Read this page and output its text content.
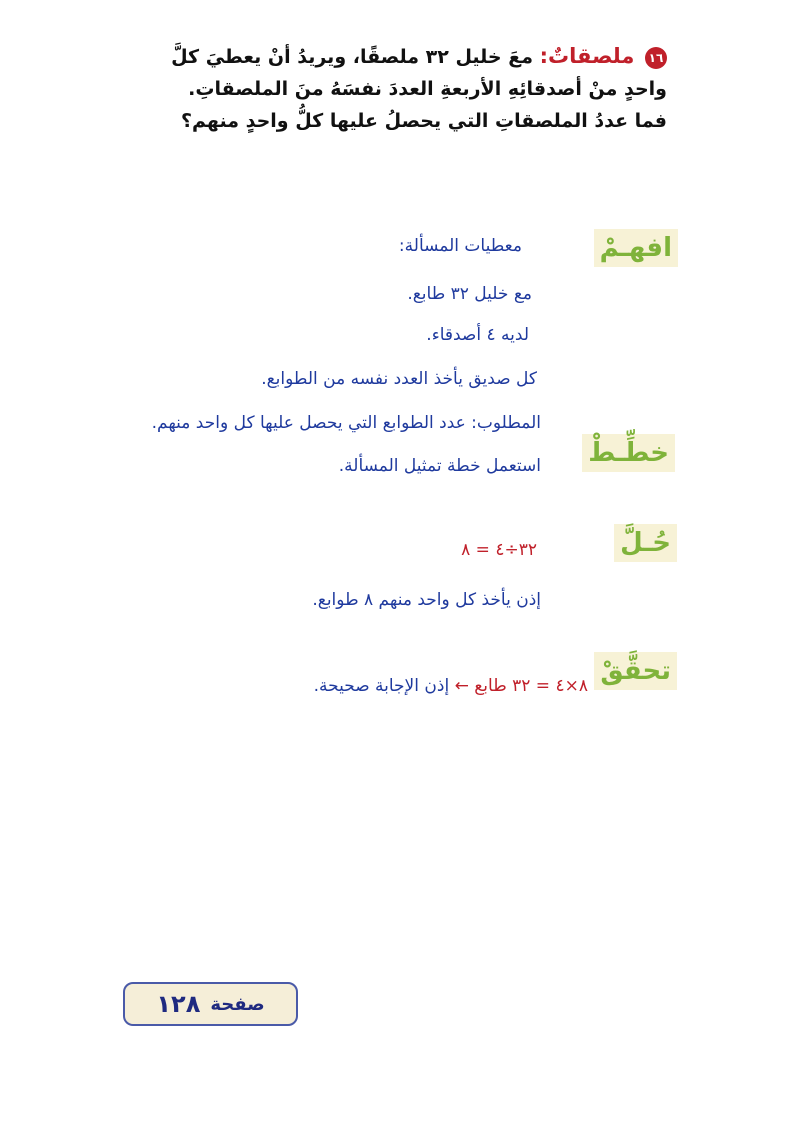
١٦ ملصقاتٌ: معَ خليل ٣٢ ملصقًا، ويريدُ أنْ يعطيَ كلَّ
واحدٍ منْ أصدقائِهِ الأربعةِ العددَ نفسَهُ منَ الملصقاتِ.
فما عددُ الملصقاتِ التي يحصلُ عليها كلُّ واحدٍ منهم؟
افهـمْ
معطيات المسألة:
مع خليل ٣٢ طابع.
لديه ٤ أصدقاء.
كل صديق يأخذ العدد نفسه من الطوابع.
المطلوب: عدد الطوابع التي يحصل عليها كل واحد منهم.
خطِّـطْ
استعمل خطة تمثيل المسألة.
حُـلَّ
٣٢÷٤ = ٨
إذن يأخذ كل واحد منهم ٨ طوابع.
تحقَّقْ
٨×٤ = ٣٢ طابع ← إذن الإجابة صحيحة.
صفحة
١٢٨
